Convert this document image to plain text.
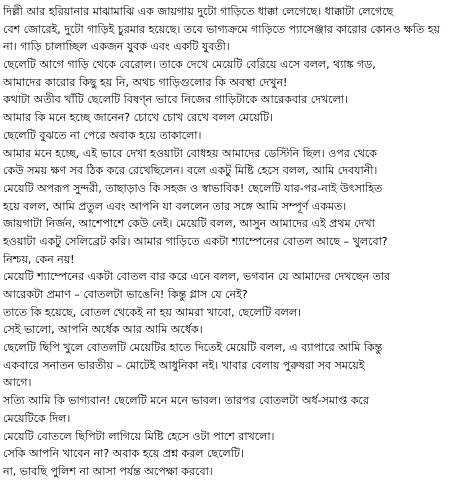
দিল্লী আর হরিয়ানার মাঝামাঝি এক জায়গায় দুটো গাড়িতে ধাক্কা লেগেছে। ধাক্কাটা লেগেছে
বেশ জোরেই, দুটো গাড়িই চুরমার হয়েছে। তবে ভাগ্যক্রমে গাড়িতে প্যাসেঞ্জার কারোর কোনও ক্ষতি হয়
না। গাড়ি চালাচ্ছিল একজন যুবক এবং একটি যুবতী।
ছেলেটি আগে গাড়ি থেকে বেরোল। তাকে দেখে মেয়েটি বেরিয়ে এসে বলল, থ্যাঙ্ক গড,
আমাদের কারোর কিছু হয় নি, অথচ গাড়িগুলোর কি অবস্থা দেখুন!
কথাটা অতীব খাঁটি ছেলেটি বিষণ্ন ভাবে নিজের গাড়িটাকে আরেকবার দেখলো।
আমার কি মনে হচ্ছে জানেন? চোখে চোখ রেখে বলল মেয়েটি।
ছেলেটি বুঝতে না পেরে অবাক হয়ে তাকালো।
আমার মনে হচ্ছে, এই ভাবে দেখা হওয়াটা বোধহয় আমাদের ডেস্টিনি ছিল। ওপর থেকে
কেউ সময় ক্ষণ সব ঠিক করে রেখেছিলেন। বলে একটু মিষ্টি হেসে বলল, আমি দেবযানী।
মেয়েটি অপরূপ সুন্দরী, তাছাড়াও কি সহজ ও স্বাভাবিক! ছেলেটি যার-পর-নাই উৎসাহিত
হয়ে বলল, আমি প্রতুল এবং আপনি যা বললেন তার সঙ্গে আমি সম্পূর্ণ একমত।
জায়গাটা নির্জন, আশেপাশে কেউ নেই। মেয়েটি বলল, আসুন আমাদের এই প্রথম দেখা
হওয়াটা একটু সেলিব্রেট করি। আমার গাড়িতে একটা শ্যাম্পেনের বোতল আছে – খুলবো?
নিশ্চয়, কেন নয়!
মেয়েটি শ্যাম্পেনের একটা বোতল বার করে এনে বলল, ভগবান যে আমাদের দেখছেন তার
আরেকটা প্রমাণ – বোতলটা ভাঙেনি! কিন্তু গ্লাস যে নেই?
তাতে কি হয়েছে, বোতল থেকেই না হয় আমরা খাবো, ছেলেটি বলল।
সেই ভালো, আপনি অর্ধেক আর আমি অর্ধেক।
ছেলেটি ছিপি খুলে বোতলটি মেয়েটির হাতে দিতেই মেয়েটি বলল, এ ব্যাপারে আমি কিন্তু
একবারে সনাতন ভারতীয় – মোটেই আধুনিকা নই। খাবার বেলায় পুরুষরা সব সময়েই
আগে।
সত্যি আমি কি ভাগ্যবান! ছেলেটি মনে মনে ভাবল। তারপর বোতলটা অর্ধ-সমাপ্ত করে
মেয়েটিকে দিল।
মেয়েটি বোতলে ছিপিটা লাগিয়ে মিষ্টি হেসে ওটা পাশে রাখলো।
সেকি আপনি খাবেন না? অবাক হয়ে প্রশ্ন করল ছেলেটি।
না, ভাবছি পুলিশ না আসা পর্যন্ত অপেক্ষা করবো।
